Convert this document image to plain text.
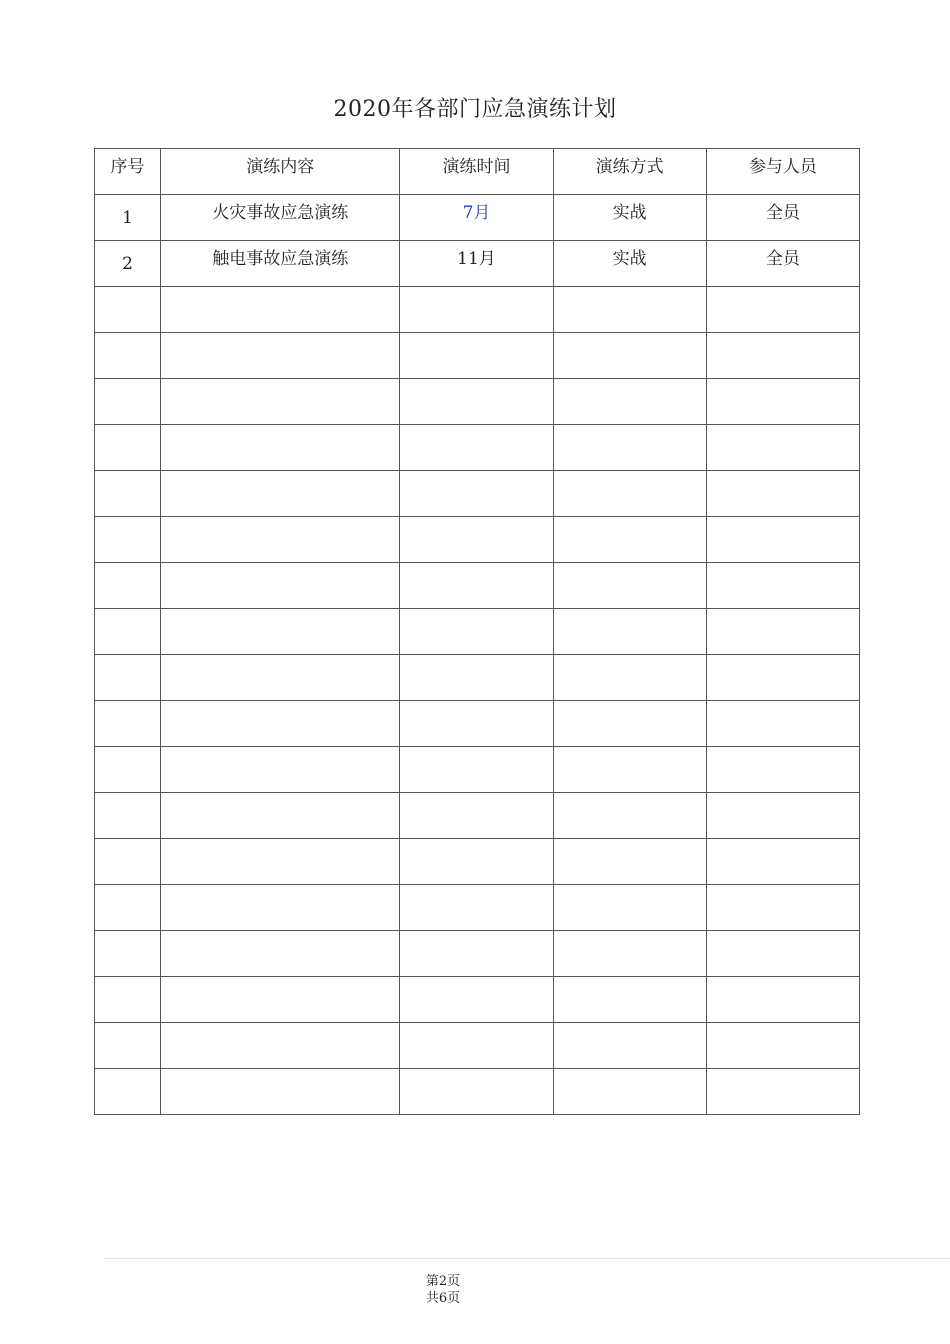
2020年各部门应急演练计划
序号	演练内容	演练时间	演练方式	参与人员

1	火灾事故应急演练	7月	实战	全员

2	触电事故应急演练	11月	实战	全员

第2页
共6页
